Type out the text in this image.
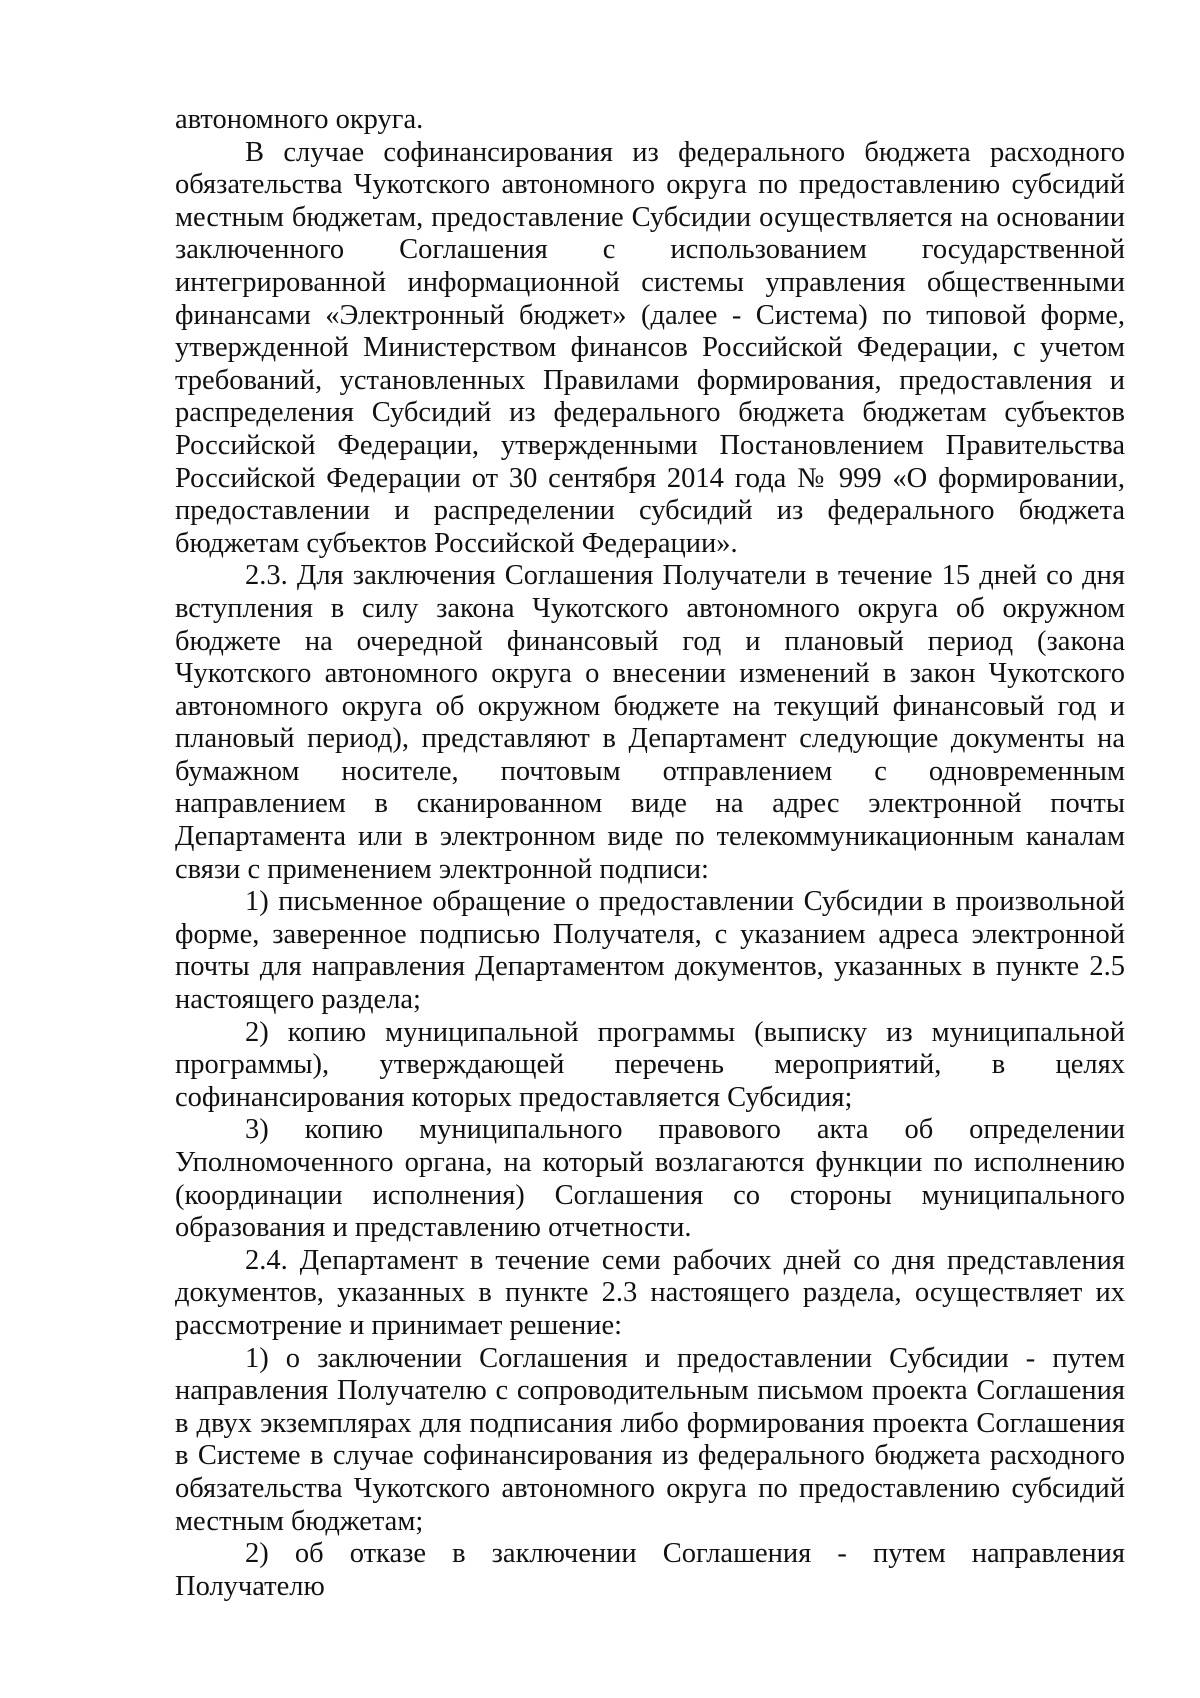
автономного округа.

В случае софинансирования из федерального бюджета расходного обязательства Чукотского автономного округа по предоставлению субсидий местным бюджетам, предоставление Субсидии осуществляется на основании заключенного Соглашения с использованием государственной интегрированной информационной системы управления общественными финансами «Электронный бюджет» (далее - Система) по типовой форме, утвержденной Министерством финансов Российской Федерации, с учетом требований, установленных Правилами формирования, предоставления и распределения Субсидий из федерального бюджета бюджетам субъектов Российской Федерации, утвержденными Постановлением Правительства Российской Федерации от 30 сентября 2014 года № 999 «О формировании, предоставлении и распределении субсидий из федерального бюджета бюджетам субъектов Российской Федерации».

2.3. Для заключения Соглашения Получатели в течение 15 дней со дня вступления в силу закона Чукотского автономного округа об окружном бюджете на очередной финансовый год и плановый период (закона Чукотского автономного округа о внесении изменений в закон Чукотского автономного округа об окружном бюджете на текущий финансовый год и плановый период), представляют в Департамент следующие документы на бумажном носителе, почтовым отправлением с одновременным направлением в сканированном виде на адрес электронной почты Департамента или в электронном виде по телекоммуникационным каналам связи с применением электронной подписи:

1) письменное обращение о предоставлении Субсидии в произвольной форме, заверенное подписью Получателя, с указанием адреса электронной почты для направления Департаментом документов, указанных в пункте 2.5 настоящего раздела;

2) копию муниципальной программы (выписку из муниципальной программы), утверждающей перечень мероприятий, в целях софинансирования которых предоставляется Субсидия;

3) копию муниципального правового акта об определении Уполномоченного органа, на который возлагаются функции по исполнению (координации исполнения) Соглашения со стороны муниципального образования и представлению отчетности.

2.4. Департамент в течение семи рабочих дней со дня представления документов, указанных в пункте 2.3 настоящего раздела, осуществляет их рассмотрение и принимает решение:

1) о заключении Соглашения и предоставлении Субсидии - путем направления Получателю с сопроводительным письмом проекта Соглашения в двух экземплярах для подписания либо формирования проекта Соглашения в Системе в случае софинансирования из федерального бюджета расходного обязательства Чукотского автономного округа по предоставлению субсидий местным бюджетам;

2) об отказе в заключении Соглашения - путем направления Получателю
